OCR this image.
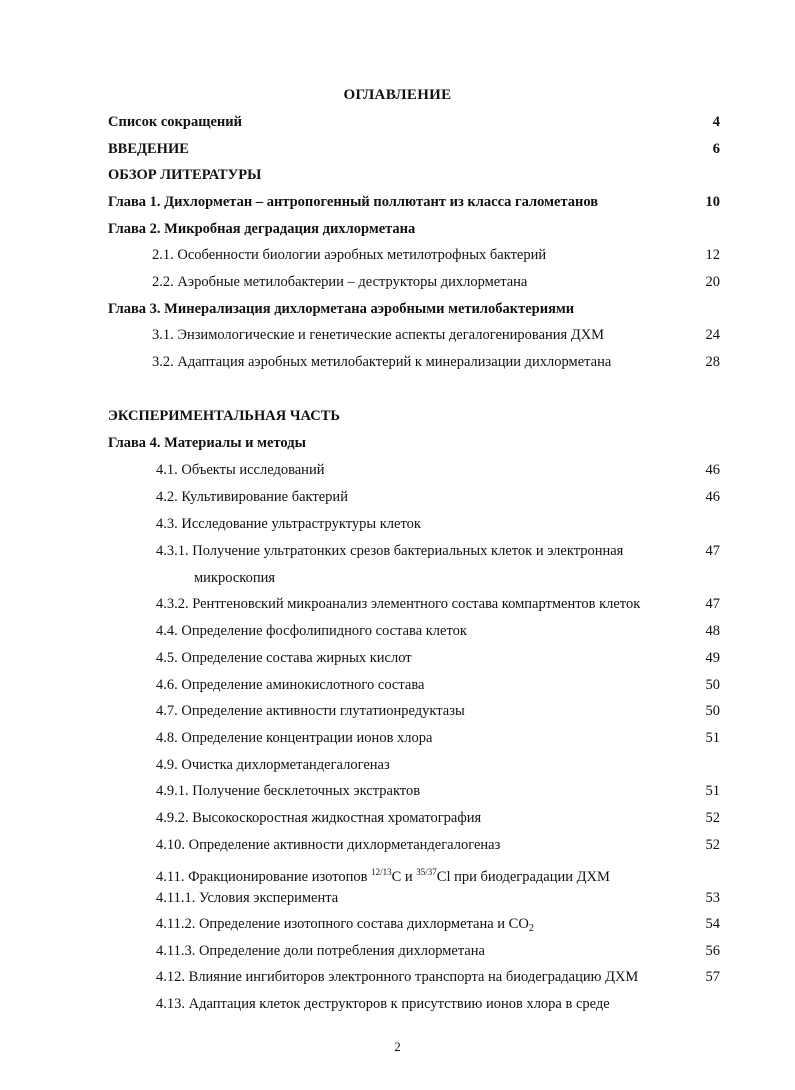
ОГЛАВЛЕНИЕ
Список сокращений	4
ВВЕДЕНИЕ	6
ОБЗОР ЛИТЕРАТУРЫ
Глава 1. Дихлорметан – антропогенный поллютант из класса галометанов	10
Глава 2. Микробная деградация дихлорметана
2.1. Особенности биологии аэробных метилотрофных бактерий	12
2.2. Аэробные метилобактерии – деструкторы дихлорметана	20
Глава 3. Минерализация дихлорметана аэробными метилобактериями
3.1. Энзимологические и генетические аспекты дегалогенирования ДХМ	24
3.2. Адаптация аэробных метилобактерий к минерализации дихлорметана	28
ЭКСПЕРИМЕНТАЛЬНАЯ ЧАСТЬ
Глава 4. Материалы и методы
4.1. Объекты исследований	46
4.2. Культивирование бактерий	46
4.3. Исследование ультраструктуры клеток
4.3.1. Получение ультратонких срезов бактериальных клеток и электронная	47
микроскопия
4.3.2. Рентгеновский микроанализ элементного состава компартментов клеток	47
4.4. Определение фосфолипидного состава клеток	48
4.5. Определение состава жирных кислот	49
4.6. Определение аминокислотного состава	50
4.7. Определение активности глутатионредуктазы	50
4.8. Определение концентрации ионов хлора	51
4.9. Очистка дихлорметандегалогеназ
4.9.1. Получение бесклеточных экстрактов	51
4.9.2. Высокоскоростная жидкостная хроматография	52
4.10. Определение активности дихлорметандегалогеназ	52
4.11. Фракционирование изотопов $^{12/13}$C и $^{35/37}$Cl при биодеградации ДХМ
4.11.1. Условия эксперимента	53
4.11.2. Определение изотопного состава дихлорметана и $CO_2$	54
4.11.3. Определение доли потребления дихлорметана	56
4.12. Влияние ингибиторов электронного транспорта на биодеградацию ДХМ	57
4.13. Адаптация клеток деструкторов к присутствию ионов хлора в среде
2
